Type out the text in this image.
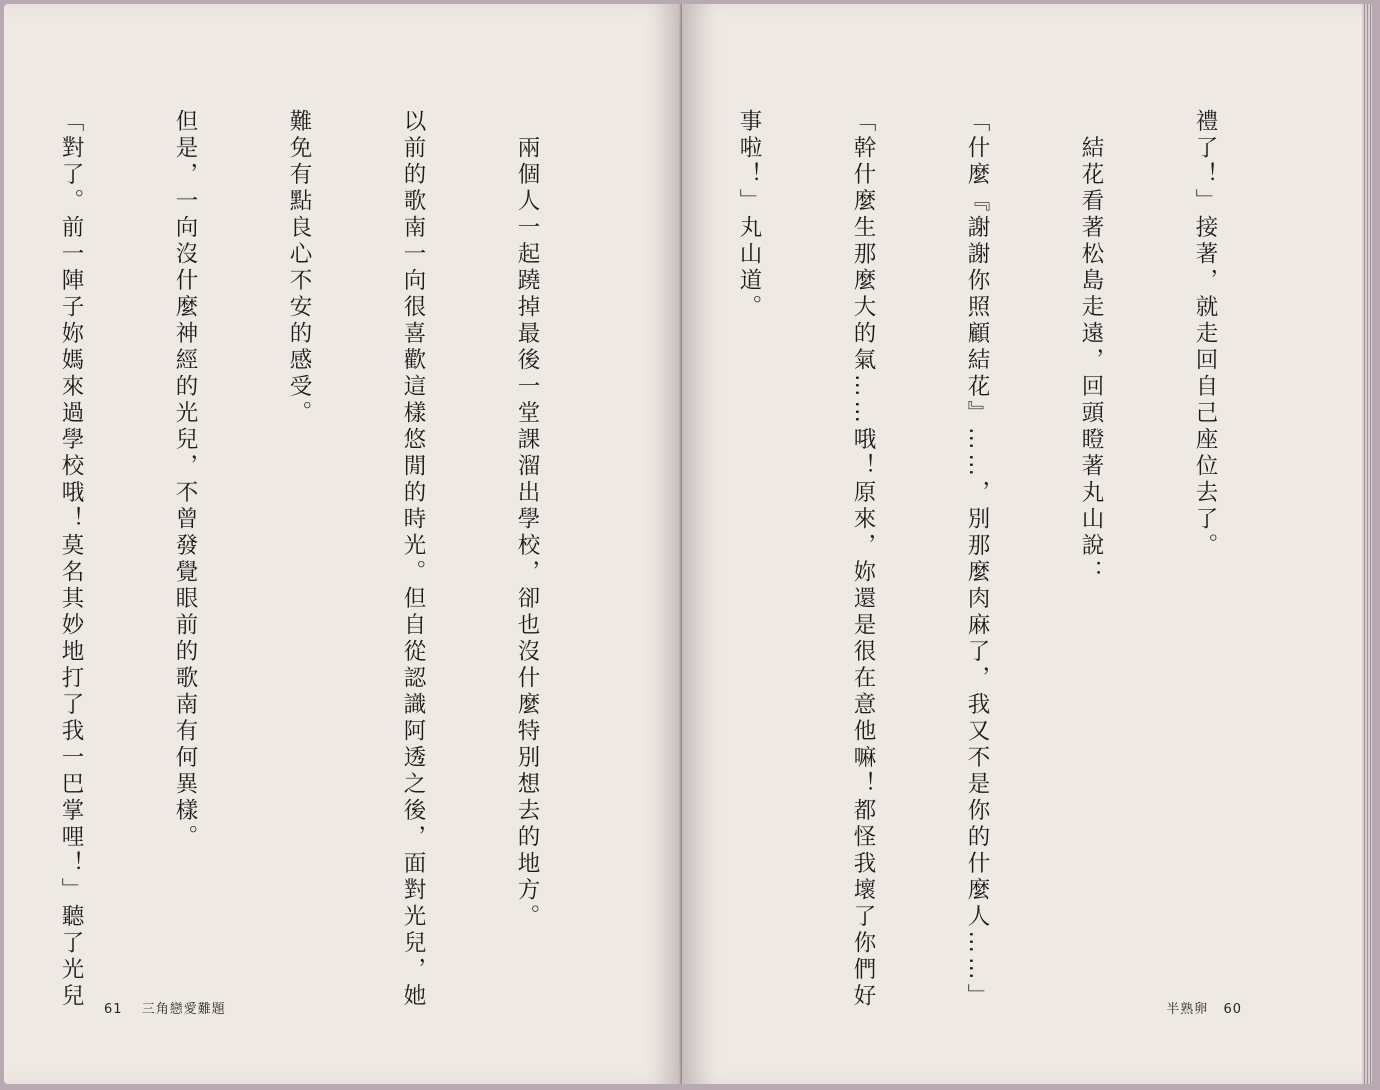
　兩個人一起蹺掉最後一堂課溜出學校，卻也沒什麼特別想去的地方。

以前的歌南一向很喜歡這樣悠閒的時光。但自從認識阿透之後，面對光兒，她

難免有點良心不安的感受。

但是，一向沒什麼神經的光兒，不曾發覺眼前的歌南有何異樣。

「對了。前一陣子妳媽來過學校哦！莫名其妙地打了我一巴掌哩！」聽了光兒

	61 三角戀愛難題

禮了！」接著，就走回自己座位去了。

　結花看著松島走遠，回頭瞪著丸山說：

「什麼『謝謝你照顧結花』……，別那麼肉麻了，我又不是你的什麼人……」

「幹什麼生那麼大的氣……哦！原來，妳還是很在意他嘛！都怪我壞了你們好

事啦！」丸山道。

半熟卵 60
